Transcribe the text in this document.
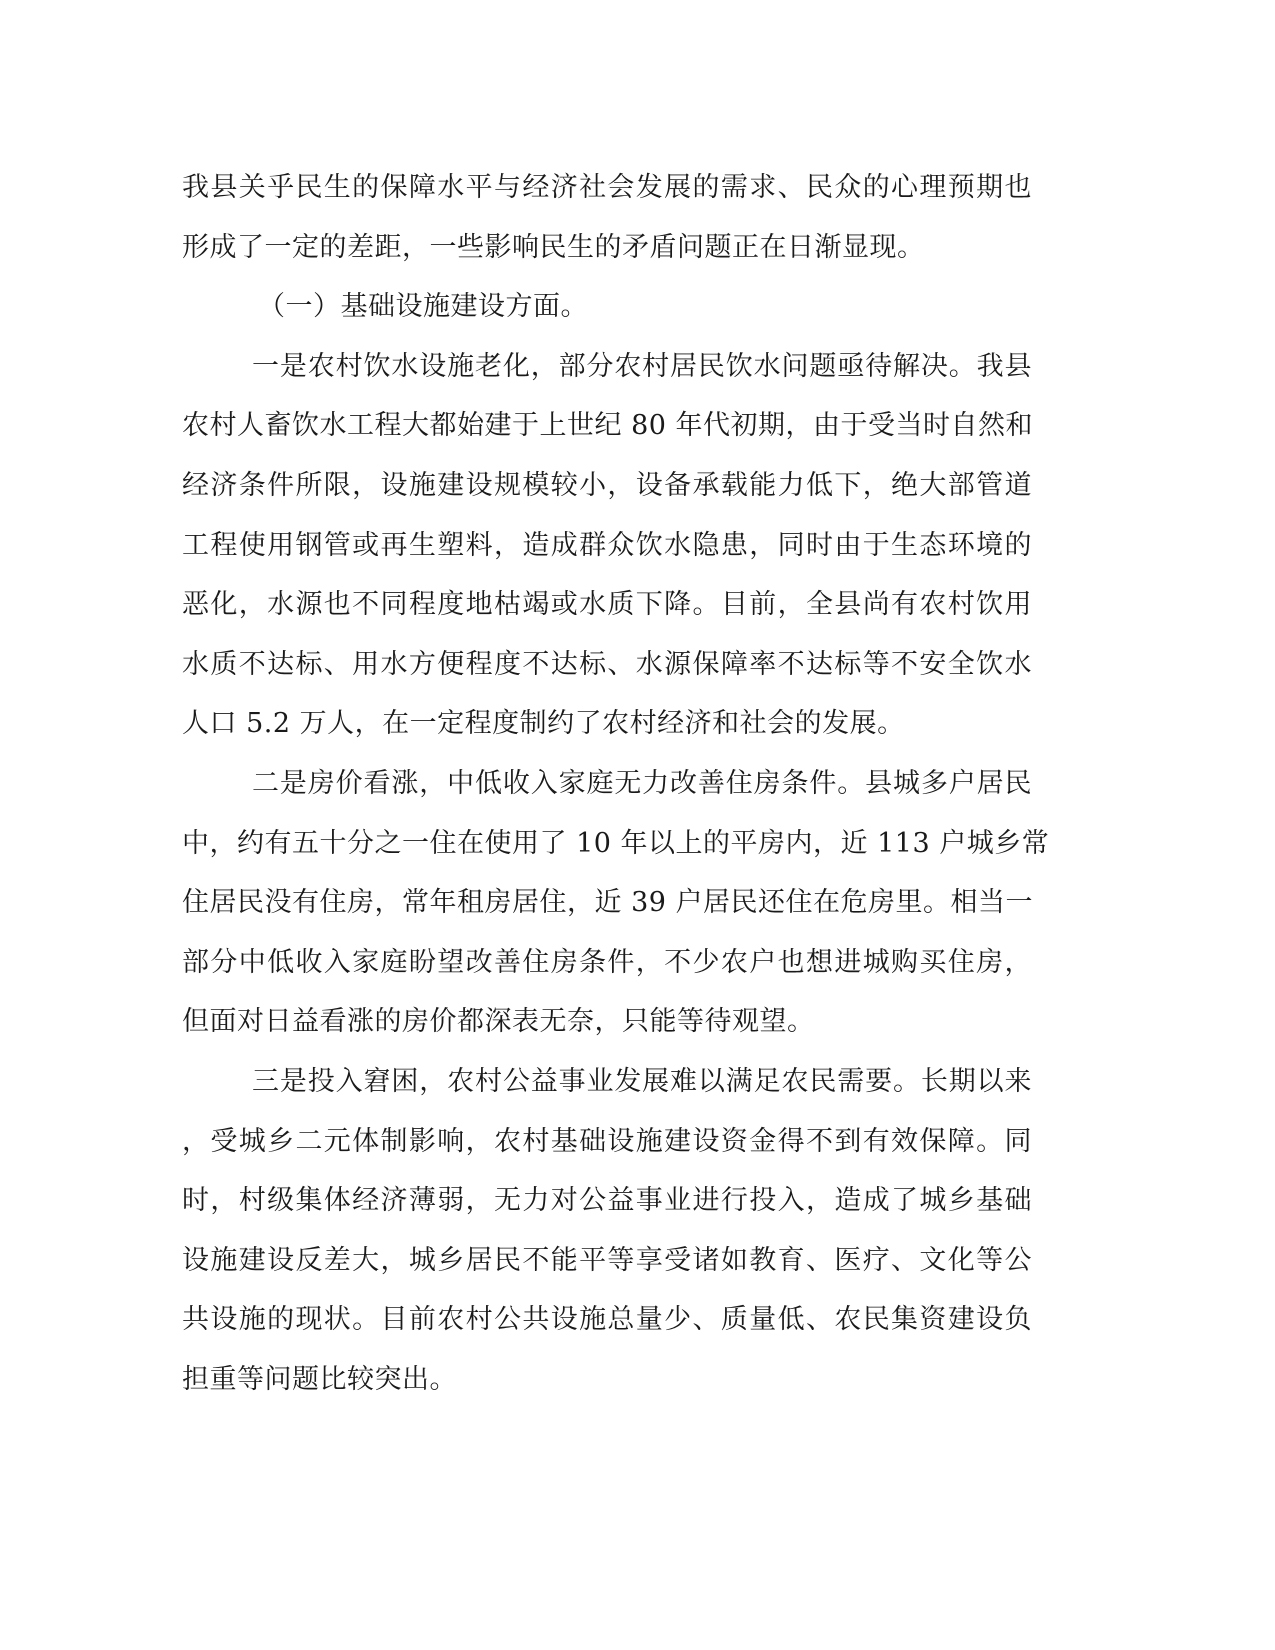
我县关乎民生的保障水平与经济社会发展的需求、民众的心理预期也
形成了一定的差距，一些影响民生的矛盾问题正在日渐显现。
（一）基础设施建设方面。
一是农村饮水设施老化，部分农村居民饮水问题亟待解决。我县
农村人畜饮水工程大都始建于上世纪 80 年代初期，由于受当时自然和
经济条件所限，设施建设规模较小，设备承载能力低下，绝大部管道
工程使用钢管或再生塑料，造成群众饮水隐患，同时由于生态环境的
恶化，水源也不同程度地枯竭或水质下降。目前，全县尚有农村饮用
水质不达标、用水方便程度不达标、水源保障率不达标等不安全饮水
人口 5.2 万人，在一定程度制约了农村经济和社会的发展。
二是房价看涨，中低收入家庭无力改善住房条件。县城多户居民
中，约有五十分之一住在使用了 10 年以上的平房内，近 113 户城乡常
住居民没有住房，常年租房居住，近 39 户居民还住在危房里。相当一
部分中低收入家庭盼望改善住房条件，不少农户也想进城购买住房，
但面对日益看涨的房价都深表无奈，只能等待观望。
三是投入窘困，农村公益事业发展难以满足农民需要。长期以来
，受城乡二元体制影响，农村基础设施建设资金得不到有效保障。同
时，村级集体经济薄弱，无力对公益事业进行投入，造成了城乡基础
设施建设反差大，城乡居民不能平等享受诸如教育、医疗、文化等公
共设施的现状。目前农村公共设施总量少、质量低、农民集资建设负
担重等问题比较突出。
